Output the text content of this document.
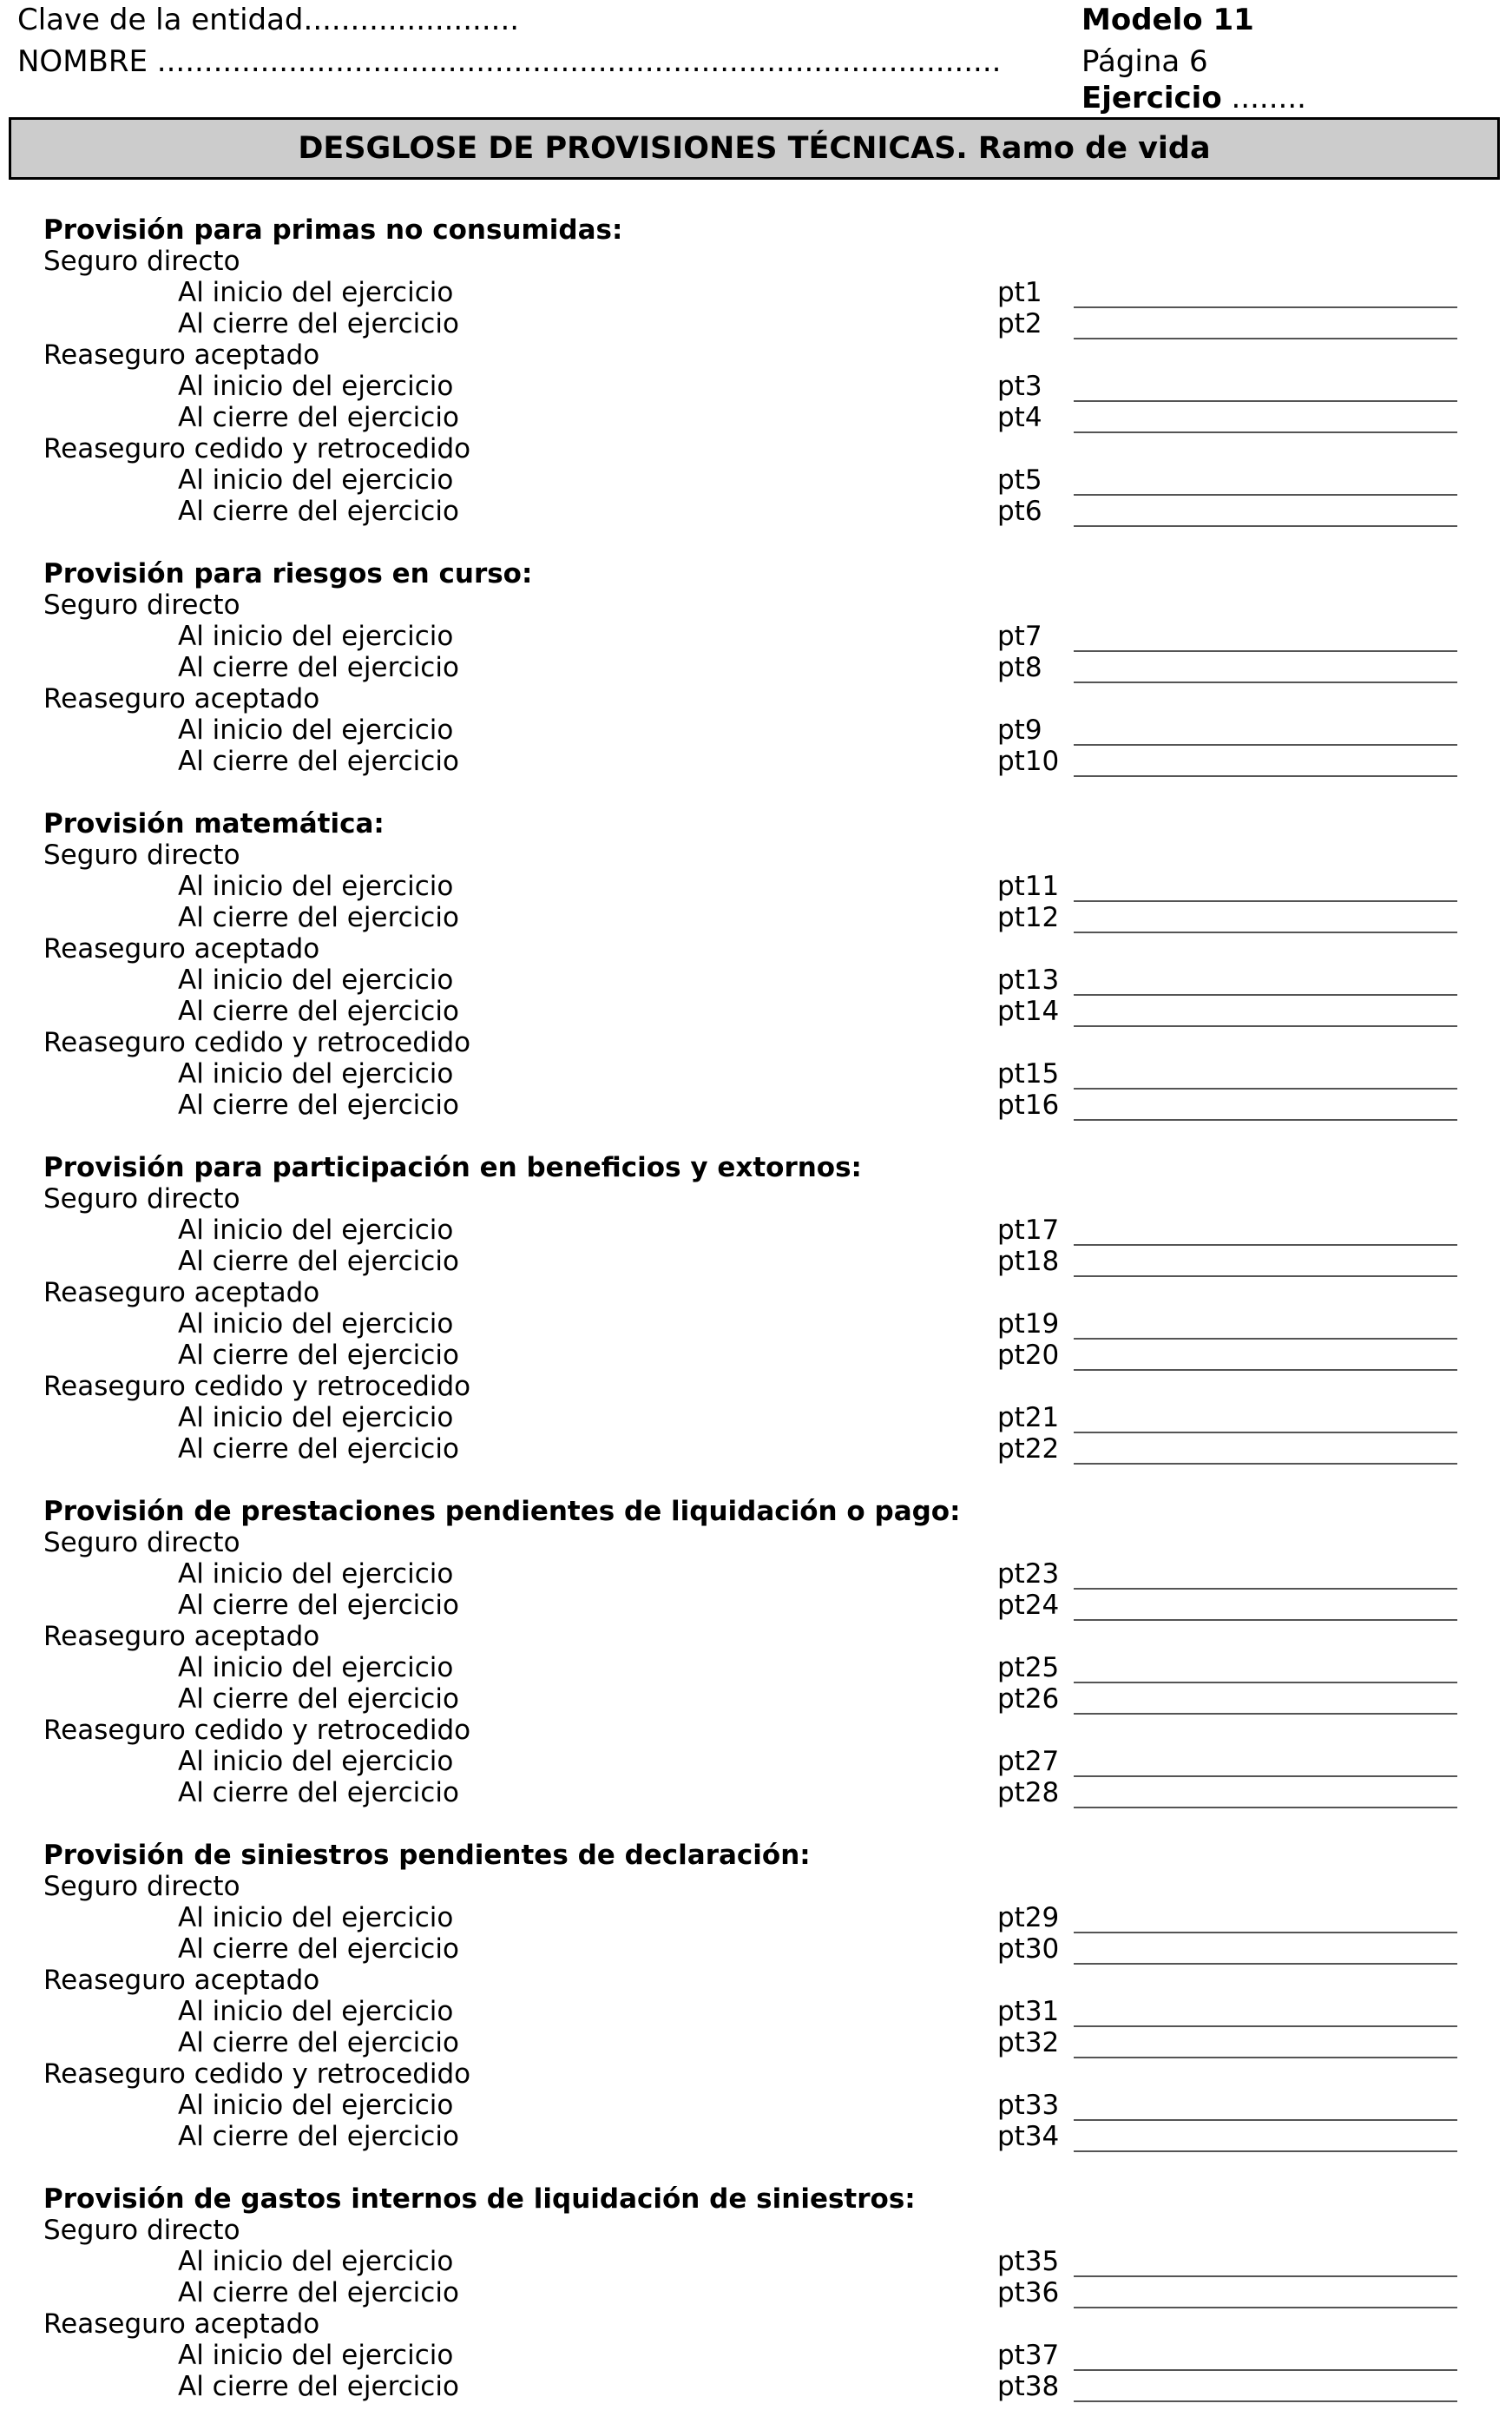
Clave de la entidad.......................
NOMBRE ..........................................................................................
Modelo 11
Página 6
Ejercicio ........
DESGLOSE DE PROVISIONES TÉCNICAS. Ramo de vida
Provisión para primas no consumidas:
Seguro directo
Al inicio del ejercicio	pt1
Al cierre del ejercicio	pt2
Reaseguro aceptado
Al inicio del ejercicio	pt3
Al cierre del ejercicio	pt4
Reaseguro cedido y retrocedido
Al inicio del ejercicio	pt5
Al cierre del ejercicio	pt6
Provisión para riesgos en curso:
Seguro directo
Al inicio del ejercicio	pt7
Al cierre del ejercicio	pt8
Reaseguro aceptado
Al inicio del ejercicio	pt9
Al cierre del ejercicio	pt10
Provisión matemática:
Seguro directo
Al inicio del ejercicio	pt11
Al cierre del ejercicio	pt12
Reaseguro aceptado
Al inicio del ejercicio	pt13
Al cierre del ejercicio	pt14
Reaseguro cedido y retrocedido
Al inicio del ejercicio	pt15
Al cierre del ejercicio	pt16
Provisión para participación en beneficios y extornos:
Seguro directo
Al inicio del ejercicio	pt17
Al cierre del ejercicio	pt18
Reaseguro aceptado
Al inicio del ejercicio	pt19
Al cierre del ejercicio	pt20
Reaseguro cedido y retrocedido
Al inicio del ejercicio	pt21
Al cierre del ejercicio	pt22
Provisión de prestaciones pendientes de liquidación o pago:
Seguro directo
Al inicio del ejercicio	pt23
Al cierre del ejercicio	pt24
Reaseguro aceptado
Al inicio del ejercicio	pt25
Al cierre del ejercicio	pt26
Reaseguro cedido y retrocedido
Al inicio del ejercicio	pt27
Al cierre del ejercicio	pt28
Provisión de siniestros pendientes de declaración:
Seguro directo
Al inicio del ejercicio	pt29
Al cierre del ejercicio	pt30
Reaseguro aceptado
Al inicio del ejercicio	pt31
Al cierre del ejercicio	pt32
Reaseguro cedido y retrocedido
Al inicio del ejercicio	pt33
Al cierre del ejercicio	pt34
Provisión de gastos internos de liquidación de siniestros:
Seguro directo
Al inicio del ejercicio	pt35
Al cierre del ejercicio	pt36
Reaseguro aceptado
Al inicio del ejercicio	pt37
Al cierre del ejercicio	pt38
